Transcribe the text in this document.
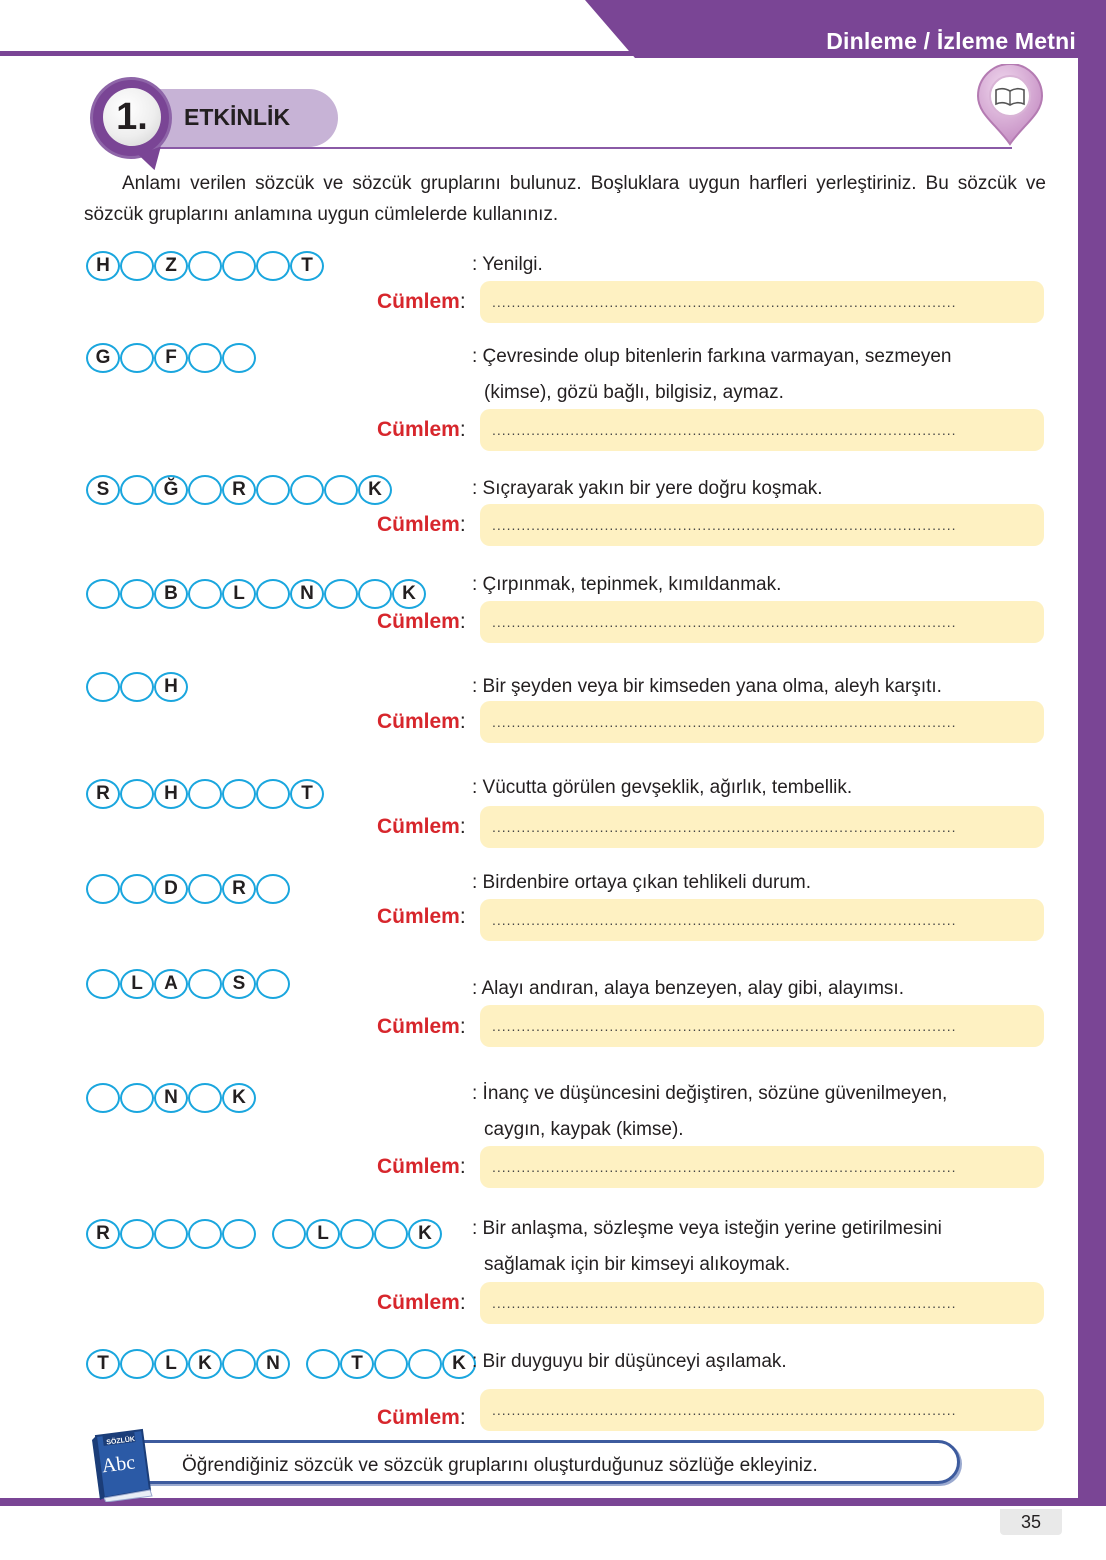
Dinleme / İzleme Metni
35
ETKİNLİK
1.
Anlamı verilen sözcük ve sözcük gruplarını bulunuz. Boşluklara uygun harfleri yerleştiriniz. Bu sözcük ve sözcük gruplarını anlamına uygun cümlelerde kullanınız.
H	Z	T	: Yenilgi.
Cümlem:	...............................................................................................
G	F	: Çevresinde olup bitenlerin farkına varmayan, sezmeyen
(kimse), gözü bağlı, bilgisiz, aymaz.
Cümlem:	...............................................................................................
S	Ğ	R	K	: Sıçrayarak yakın bir yere doğru koşmak.
Cümlem:	...............................................................................................
B	L	N	K	: Çırpınmak, tepinmek, kımıldanmak.
Cümlem:	...............................................................................................
H	: Bir şeyden veya bir kimseden yana olma, aleyh karşıtı.
Cümlem:	...............................................................................................
R	H	T	: Vücutta görülen gevşeklik, ağırlık, tembellik.
Cümlem:	...............................................................................................
D	R	: Birdenbire ortaya çıkan tehlikeli durum.
Cümlem:	...............................................................................................
L	A	S	: Alayı andıran, alaya benzeyen, alay gibi, alayımsı.
Cümlem:	...............................................................................................
N	K	: İnanç ve düşüncesini değiştiren, sözüne güvenilmeyen,
caygın, kaypak (kimse).
Cümlem:	...............................................................................................
R	L	K	: Bir anlaşma, sözleşme veya isteğin yerine getirilmesini
sağlamak için bir kimseyi alıkoymak.
Cümlem:	...............................................................................................
T	L	K	N	T	K : Bir duyguyu bir düşünceyi aşılamak.
Cümlem:	...............................................................................................
Öğrendiğiniz sözcük ve sözcük gruplarını oluşturduğunuz sözlüğe ekleyiniz.
SÖZLÜK
Abc
